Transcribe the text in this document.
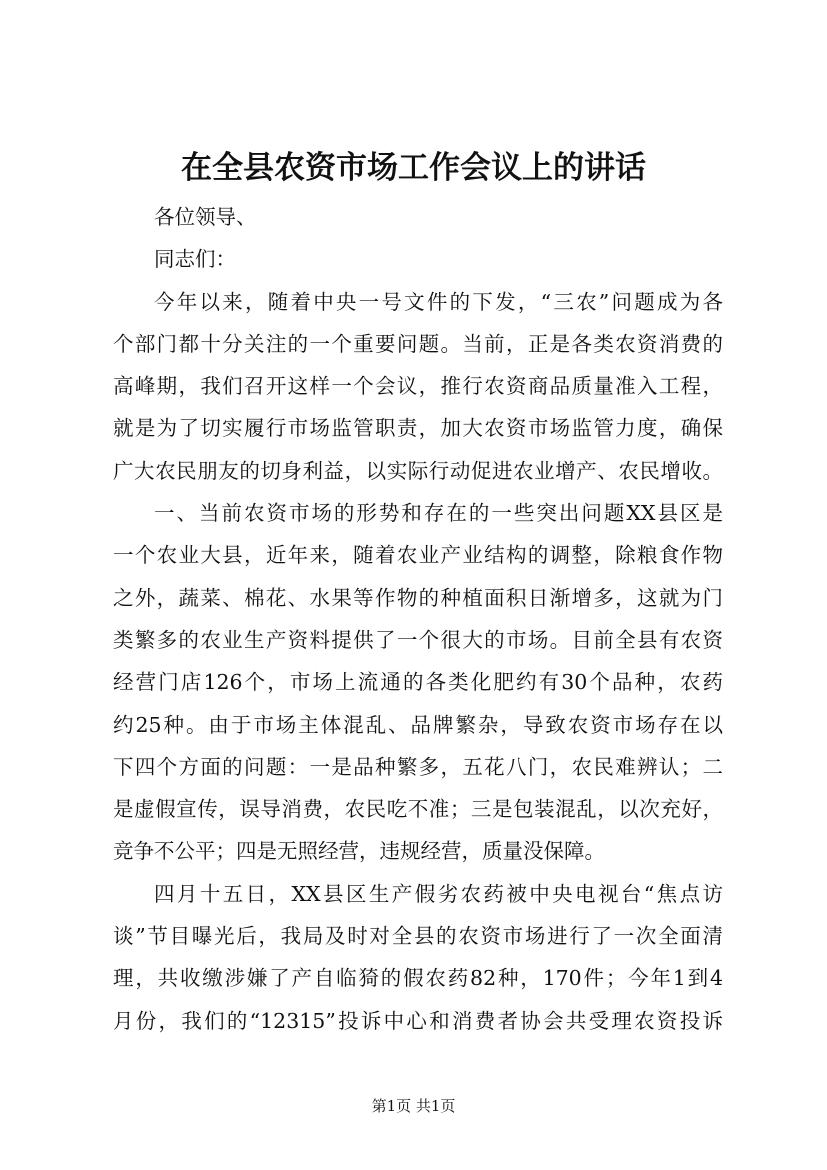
在全县农资市场工作会议上的讲话
各位领导、
同志们：
今年以来，随着中央一号文件的下发，“三农”问题成为各
个部门都十分关注的一个重要问题。当前，正是各类农资消费的
高峰期，我们召开这样一个会议，推行农资商品质量准入工程，
就是为了切实履行市场监管职责，加大农资市场监管力度，确保
广大农民朋友的切身利益，以实际行动促进农业增产、农民增收。
一、当前农资市场的形势和存在的一些突出问题XX县区是
一个农业大县，近年来，随着农业产业结构的调整，除粮食作物
之外，蔬菜、棉花、水果等作物的种植面积日渐增多，这就为门
类繁多的农业生产资料提供了一个很大的市场。目前全县有农资
经营门店126个，市场上流通的各类化肥约有30个品种，农药
约25种。由于市场主体混乱、品牌繁杂，导致农资市场存在以
下四个方面的问题：一是品种繁多，五花八门，农民难辨认；二
是虚假宣传，误导消费，农民吃不准；三是包装混乱，以次充好，
竞争不公平；四是无照经营，违规经营，质量没保障。
四月十五日，XX县区生产假劣农药被中央电视台“焦点访
谈”节目曝光后，我局及时对全县的农资市场进行了一次全面清
理，共收缴涉嫌了产自临猗的假农药82种，170件；今年1到4
月份，我们的“12315”投诉中心和消费者协会共受理农资投诉
第1页 共1页
